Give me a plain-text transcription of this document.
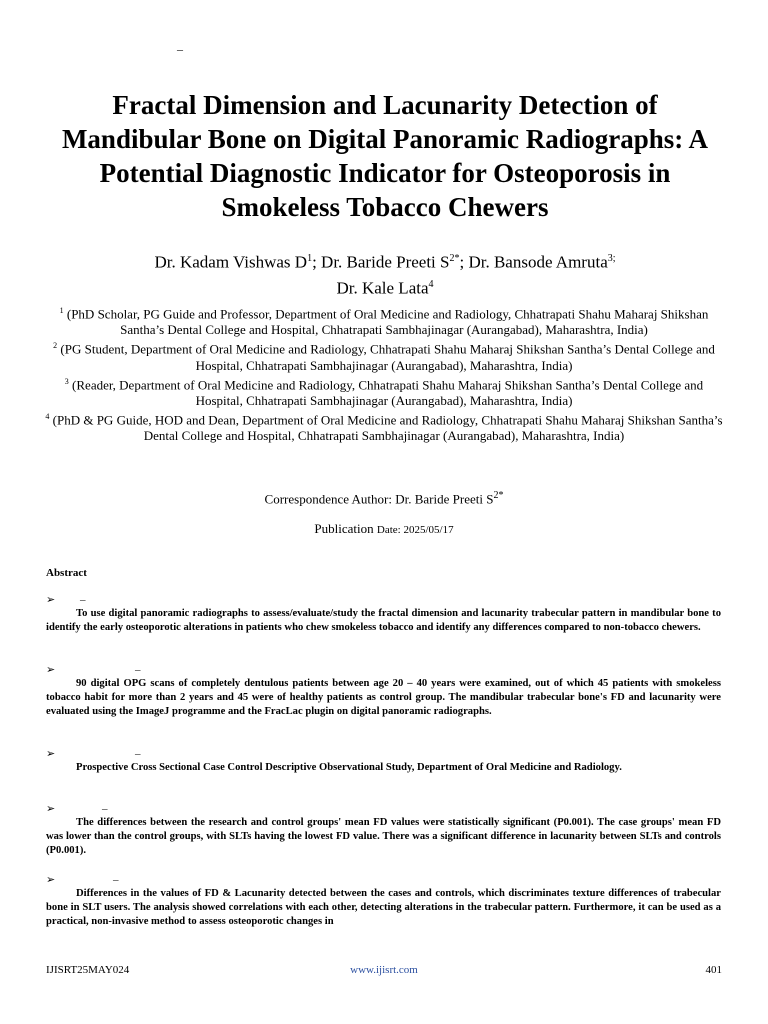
–
Fractal Dimension and Lacunarity Detection of Mandibular Bone on Digital Panoramic Radiographs: A Potential Diagnostic Indicator for Osteoporosis in Smokeless Tobacco Chewers
Dr. Kadam Vishwas $D^1$; Dr. Baride Preeti $S^{2*}$; Dr. Bansode Amruta$^{3;}$
Dr. Kale Lata$^4$

$^1$ (PhD Scholar, PG Guide and Professor, Department of Oral Medicine and Radiology, Chhatrapati Shahu Maharaj Shikshan Santha’s Dental College and Hospital, Chhatrapati Sambhajinagar (Aurangabad), Maharashtra, India)

$^2$ (PG Student, Department of Oral Medicine and Radiology, Chhatrapati Shahu Maharaj Shikshan Santha’s Dental College and Hospital, Chhatrapati Sambhajinagar (Aurangabad), Maharashtra, India)

$^3$ (Reader, Department of Oral Medicine and Radiology, Chhatrapati Shahu Maharaj Shikshan Santha’s Dental College and Hospital, Chhatrapati Sambhajinagar (Aurangabad), Maharashtra, India)

$^4$ (PhD & PG Guide, HOD and Dean, Department of Oral Medicine and Radiology, Chhatrapati Shahu Maharaj Shikshan Santha’s Dental College and Hospital, Chhatrapati Sambhajinagar (Aurangabad), Maharashtra, India)

Correspondence Author: Dr. Baride Preeti $S^{2*}$
Publication Date: 2025/05/17
Abstract
➢         –

To use digital panoramic radiographs to assess/evaluate/study the fractal dimension and lacunarity trabecular pattern in mandibular bone to identify the early osteoporotic alterations in patients who chew smokeless tobacco and identify any differences compared to non-tobacco chewers.

➢                             –

90 digital OPG scans of completely dentulous patients between age 20 – 40 years were examined, out of which 45 patients with smokeless tobacco habit for more than 2 years and 45 were of healthy patients as control group. The mandibular trabecular bone's FD and lacunarity were evaluated using the ImageJ programme and the FracLac plugin on digital panoramic radiographs.

➢                             –

Prospective Cross Sectional Case Control Descriptive Observational Study, Department of Oral Medicine and Radiology.

➢                 –

The differences between the research and control groups' mean FD values were statistically significant (P0.001). The case groups' mean FD was lower than the control groups, with SLTs having the lowest FD value. There was a significant difference in lacunarity between SLTs and controls (P0.001).

➢                     –

Differences in the values of FD & Lacunarity detected between the cases and controls, which discriminates texture differences of trabecular bone in SLT users. The analysis showed correlations with each other, detecting alterations in the trabecular pattern. Furthermore, it can be used as a practical, non-invasive method to assess osteoporotic changes in

IJISRT25MAY024	www.ijisrt.com	401
